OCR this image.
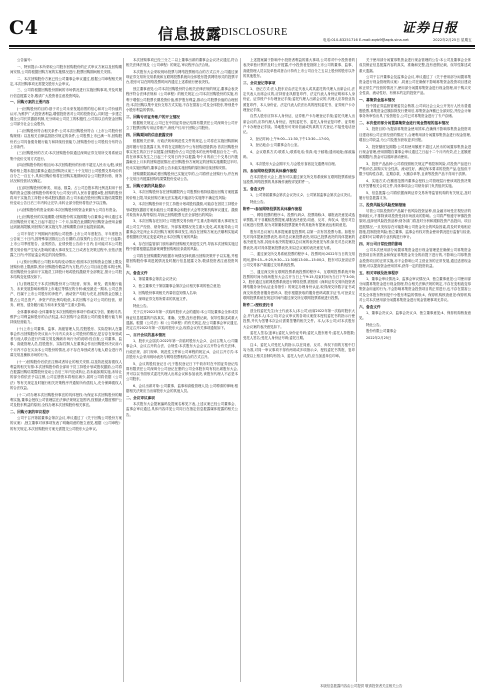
C4	信息披露
DISCLOSURE	证券日报
电话:010-83251716 E-mail:zqrb9@zqrb.sina.net	2022年2月25日 星期五

公告编号:

一、特别提示:本所采取公司股东回购股份的正式审议方案以及回购期间安排,公司将根据回购方案的实施情况进行,股票回购期间相关安排。

二、本次回购股份方案已经公司董事会审议通过,根据公司章程相关规定,本次回购事项无需提交股东大会审议。

三、公司将根据回购股份期间的市场情况进行实施回购事项,并及时履行信息披露义务,敬请广大投资者注意投资风险。

一、回购方案的主要内容

(一)回购股份的目的:基于对公司未来发展前景的信心和对公司价值的认可,为维护广大投资者利益,增强投资者对公司的投资信心,同时进一步建立健全公司长效激励机制,充分调动公司员工的积极性,公司拟以自有资金回购公司部分社会公众股份。

(二)回购股份符合相关条件:公司本次回购股份符合《上市公司股份回购规则》以及相关自律监管指引规定的条件,公司股票上市已满一年,回购股份后公司具备债务履行能力和持续经营能力,回购股份后公司股权分布符合上市条件。

(三)回购股份的方式:本次回购股份拟通过深圳证券交易所交易系统以集中竞价交易方式进行。

(四)回购股份的价格区间:本次回购股份的价格不超过人民币元/股,该回购价格上限未超过董事会通过回购决议前三十个交易日公司股票交易均价的百分之一百五十,具体回购价格将在回购实施期间结合公司股票价格、财务状况和经营状况确定。

(五)拟回购股份的种类、用途、数量、占公司总股本的比例及拟用于回购的资金总额:回购股份的种类为公司发行的人民币普通股A股,回购的股份将用于实施员工持股计划或股权激励,若公司未能在股份回购实施结果暨股份变动公告日后三年内转让完毕,未转让部分股份将依法予以注销。

(六)回购股份的资金来源:本次回购股份的资金来源为公司自有资金。

(七)回购股份的实施期限:回购股份的实施期限为自董事会审议通过本次回购股份方案之日起不超过十二个月,如果在此期限内回购资金使用金额达到最高限额,则回购方案实施完毕,回购期限自该日起提前届满。

公司不得在下列期间内回购公司股票:上市公司年度报告、半年度报告公告前三十日内,因特殊原因推迟公告日期的,自原预约公告日前三十日起算;上市公司季度报告、业绩预告、业绩快报公告前十日内;自可能对本公司股票交易价格产生较大影响的重大事项发生之日或者在决策过程中,至依法披露之日内;中国证监会规定的其他情形。

(八)预计回购后公司股本结构变动情况:按照本次回购资金总额上限及回购价格上限测算,预计回购股份数量约为万股,约占公司目前总股本的比例,若回购股份全部用于实施员工持股计划或股权激励并全部锁定,预计公司股本结构变化情况如下。

(九)管理层关于本次回购股份对公司经营、财务、研发、债务履行能力、未来发展影响和维持上市地位等情况的分析:截至最近一期末,公司总资产、归属于上市公司股东的净资产、流动资产均较为充足,回购资金总额上限占公司总资产、净资产的比例均较低,本次回购不会对公司的经营、财务、研发、债务履行能力和未来发展产生重大影响。

全体董事承诺:全体董事在本次回购股份事项中将诚实守信、勤勉尽责,维护公司利益和股东的合法权益,本次回购不会损害公司的债务履行能力和持续经营能力。

(十)上市公司董事、监事、高级管理人员,控股股东、实际控制人在董事会作出回购股份决议前六个月内买卖本公司股份的情况,是否存在单独或者与他人联合进行内幕交易及操纵市场行为的说明:经自查,公司董事、监事、高级管理人员,控股股东、实际控制人在董事会作出回购股份决议前六个月内不存在买卖本公司股份的情况,亦不存在单独或者与他人联合进行内幕交易及操纵市场的行为。

(十一)回购股份后依法注销或者转让的相关安排,以及防范侵害债权人利益的相关安排:本次回购股份将全部用于员工持股计划或股权激励,公司将在披露回购结果暨股份变动公告后三年内完成转让,若未能如期实施,未转让的部分将依法予以注销,公司注册资本将相应减少,届时公司将依据《公司法》等有关规定及时履行相关决策程序并通知所有债权人,充分保障债权人的合法权益。

(十二)对办理本次回购股份事宜的具体授权:为保证本次回购股份的顺利实施,董事会授权公司管理层在法律法规规定范围内,按照最大限度维护公司及股东利益的原则,全权办理本次回购股份相关事宜。

二、回购方案的审议程序

公司于召开第届董事会第次会议,审议通过了《关于回购公司股份方案的议案》,独立董事对该事项发表了明确同意的独立意见,根据《公司章程》的有关规定,本次回购股份方案无需提交公司股东大会审议。

本次回购事项已经三分之二以上董事出席的董事会会议决议通过,符合相关法律法规及《公司章程》的规定,审议程序合法合规。

本次股东大会采取现场投票与网络投票相结合的方式召开,公司通过深圳证券交易所交易系统和互联网投票系统向全体股东提供网络形式的投票平台,股东可以在网络投票时间内通过上述系统行使表决权。

独立董事意见:公司本次回购股份符合相关法律法规的规定,董事会表决程序符合法律法规和《公司章程》的相关规定;公司本次回购股份的实施,有利于增强公司股票长期投资价值,维护股东利益,推动公司股票价值的合理回归;本次回购以集中竞价交易方式实施,不存在损害公司及全体股东,特别是中小股东利益的情形。

三、回购专用证券账户的开立情况

根据相关规定,公司已在中国证券登记结算有限责任公司深圳分公司开立了股票回购专用证券账户,该账户仅用于回购公司股份。

四、回购期间的信息披露安排

根据相关法律、行政法规和规范性文件的规定,公司将在实施回购期间及时履行信息披露义务,并将在定期报告中公布回购进展情况:首次回购股份事实发生的次日予以披露;回购股份占公司总股本的比例每增加百分之一的,将在该事实发生之日起三个交易日内予以披露;每个月的前三个交易日内披露截至上月末的回购进展情况;在回购股份方案规定的回购实施期限过半时,仍未实施回购的,董事会将公告未能实施回购的原因和后续回购安排。

回购期限届满或者回购股份已实施完毕的,公司将停止回购行为,并在两个交易日内披露回购结果暨股份变动公告。

五、回购方案的风险提示

1、本次回购股份存在回购期限内公司股票价格持续超出回购方案披露的价格上限,导致回购方案无法实施或只能部分实施等不确定性风险;

2、本次回购股份用于员工持股计划或股权激励,可能存在因员工持股计划或股权激励方案未能经公司董事会和股东大会等决策机构审议通过、激励对象放弃认购等原因,导致已回购股票无法全部授出的风险;

3、本次回购存在因对公司股票交易价格产生重大影响的重大事项发生或公司生产经营、财务情况、外部客观情况发生重大变化,或其他导致公司董事会决定终止本次回购方案的事项发生,则存在回购方案无法顺利实施或者根据相关规定变更或终止本次回购方案的风险;

4、存在因监管部门颁布新的回购相关规范性文件,导致本次回购实施过程中需要根据监管新规调整回购相应条款的风险。

公司将在回购期限内根据市场情况择机做出回购决策并予以实施,并根据回购股份事项进展情况及时履行信息披露义务,敬请投资者注意投资风险。

六、备查文件

1、第届董事会第次会议决议;

2、独立董事关于第届董事会第次会议相关事项的独立意见;

3、回购股份事项相关内幕信息知情人名单;

4、深圳证券交易所要求的其他文件。

特此公告。

关于召开2022年第一次临时股东大会的通知:本公司及董事会全体成员保证信息披露的内容真实、准确、完整,没有虚假记载、误导性陈述或重大遗漏。根据《公司法》和《公司章程》的有关规定,经公司董事会审议通过,决定召开2022年第一次临时股东大会,现将会议有关事项通知如下。

一、召开会议的基本情况

1、股东大会届次:2022年第一次临时股东大会;2、会议召集人:公司董事会;3、会议召开的合法、合规性:本次股东大会会议召开符合有关法律、行政法规、部门规章、规范性文件和公司章程的规定;4、会议召开方式:本次股东大会采用现场表决与网络投票相结合的方式召开。

5、会议的股权登记日:凡于股权登记日下午收市时在中国证券登记结算有限责任公司深圳分公司登记在册的公司全体股东均有权出席股东大会,并可以以书面形式委托代理人出席会议和参加表决,该股东代理人不必是本公司股东。

6、会议出席对象:公司董事、监事和高级管理人员;公司聘请的律师;根据相关法规应当出席股东大会的其他人员。

二、会议审议事项

本次股东大会提案编码及提案名称见下表,上述议案已经公司董事会、监事会审议通过,具体内容详见公司同日在指定信息披露媒体披露的相关公告。

上述提案属于影响中小投资者利益的重大事项,公司将对中小投资者的表决单独计票并及时公开披露,中小投资者是指除上市公司的董事、监事、高级管理人员以及单独或者合计持有上市公司百分之五以上股份的股东以外的其他股东。

三、会议登记等事项

1、登记方式:法人股东应由法定代表人或其委托的代理人出席会议,法定代表人出席会议的,应持营业执照复印件、法定代表人身份证明和本人身份证、证券账户卡办理登记手续;委托代理人出席会议的,代理人应持营业执照复印件、本人身份证、法定代表人依法出具的授权委托书、证券账户卡办理登记手续。

自然人股东应持本人身份证、证券账户卡办理登记手续;委托代理人出席会议的,应持代理人身份证、授权委托书、委托人身份证复印件、证券账户卡办理登记手续。异地股东可采用信函或传真的方式登记,不接受电话登记。

2、登记时间:上午9:00—11:30,下午13:30—17:00。

3、登记地点:公司董事会办公室。

4、会议联系方式:联系人;联系电话;传真;电子邮箱;通讯地址;邮政编码。

5、本次股东大会会期半天,与会股东食宿及交通费用自理。

四、参加网络投票的具体操作流程

在本次股东大会上,股东可以通过深交所交易系统和互联网投票系统参加投票,网络投票的具体操作流程详见附件一。

五、备查文件

1、公司第届董事会第次会议决议;2、公司第届监事会第次会议决议。

特此公告。

附件一:参加网络投票的具体操作流程

一、网络投票的程序:1、投票代码;2、投票简称;3、填报表决意见或选举票数,对于非累积投票提案,填报表决意见:同意、反对、弃权;4、股东对总议案进行投票,视为对除累积投票提案外的其他所有提案表达相同意见。

股东对总议案与具体提案重复投票时,以第一次有效投票为准。如股东先对具体提案投票表决,再对总议案投票表决,则以已投票表决的具体提案的表决意见为准,其他未表决的提案以总议案的表决意见为准;如先对总议案投票表决,再对具体提案投票表决,则以总议案的表决意见为准。

二、通过深交所交易系统投票的程序:1、投票时间:2022年当日的交易时间,即9:15—9:25,9:30—11:30和13:00—15:00;2、股东可以登录证券公司交易客户端通过交易系统投票。

三、通过深交所互联网投票系统投票的程序:1、互联网投票系统开始投票的时间为现场股东大会召开当日上午9:15,结束时间为当日下午3:00;2、股东通过互联网投票系统进行网络投票,需按照《深圳证券交易所投资者网络服务身份认证业务指引》的规定办理身份认证,取得深交所数字证书或深交所投资者服务密码;3、股东根据获取的服务密码或数字证书,可登录互联网投票系统在规定时间内通过深交所互联网投票系统进行投票。

附件二:授权委托书

兹全权委托先生/女士代表本人(本公司)出席2022年第一次临时股东大会,并代表本人(本公司)对会议审议的各项议案按本授权委托书的指示行使投票,并代为签署本次会议需要签署的相关文件。本人(本公司)对本次股东大会议案的表决意见如下。

委托人签名(盖章);委托人身份证号码;委托人股东账号;委托人持股数;受托人签名;受托人身份证号码;委托日期。

注:1、委托人对受托人的指示,以在同意、反对、弃权下面的方框中打勾为准,对同一审议事项不得有两项或多项指示;2、授权委托书剪报、复印或按以上格式自制均有效;3、委托人为法人的,应当加盖单位印章。

关于使用部分闲置募集资金进行现金管理的公告:本公司及董事会全体成员保证信息披露内容的真实、准确和完整,没有虚假记载、误导性陈述或重大遗漏。

公司于召开董事会及监事会会议,审议通过了《关于使用部分闲置募集资金进行现金管理的议案》,同意公司在确保不影响募集资金投资项目建设和正常生产经营的情况下,使用部分闲置募集资金进行现金管理,用于购买安全性高、流动性好、有保本约定的投资产品。

一、募集资金基本情况

经中国证券监督管理委员会核准,公司向社会公众公开发行人民币普通股股票,募集资金总额扣除发行费用后,募集资金净额已全部到位,并经会计师事务所审验出具了验资报告,公司已对募集资金进行了专户存储。

二、本次使用部分闲置募集资金进行现金管理的基本情况

1、投资目的:为提高募集资金使用效率,在确保不影响募集资金投资项目建设和公司正常经营的情况下,合理利用部分闲置募集资金进行现金管理,增加公司收益,为公司及股东获取更多回报。

2、投资额度及期限:公司拟使用额度不超过人民币的闲置募集资金进行现金管理,使用期限自董事会审议通过之日起十二个月内有效,在上述额度和期限内,资金可以循环滚动使用。

3、投资产品品种:公司将按照相关规定严格控制风险,对投资产品进行严格评估,拟购买安全性高、流动性好、满足保本要求的投资产品,包括但不限于结构性存款、定期存款、大额存单等,且该等投资产品不得用于质押。

4、实施方式:在额度范围内董事会授权公司管理层行使该项投资决策权并签署相关合同文件,具体事项由公司财务部门负责组织实施。

5、信息披露:公司将依据深圳证券交易所等监管机构的有关规定,及时履行信息披露义务。

三、投资风险及风险控制措施

尽管公司拟投资的产品属于低风险投资品种,但金融市场受宏观经济的影响较大,不排除该项投资受到市场波动的影响。公司将严格遵守审慎投资原则,选择低风险投资品种;财务部门将及时分析和跟踪投资产品投向、项目进展情况,一旦发现存在可能影响公司资金安全的风险因素,将及时采取相应措施,控制投资风险;独立董事、监事会有权对资金使用情况进行监督与检查,必要时可以聘请专业机构进行审计。

四、对公司日常经营的影响

公司本次使用部分闲置募集资金进行现金管理是在确保公司募集资金投资项目所需资金和保证募集资金安全的前提下进行的,不影响公司募集资金投资项目的正常实施,亦不会影响公司主营业务的正常发展,通过适度现金管理,可以提高资金使用效率,获得一定的投资收益。

五、相关审核及批准程序

1、董事会审议情况;2、监事会审议情况;3、独立董事意见:公司使用部分闲置募集资金进行现金管理,符合相关法律法规的规定,不存在变相改变募集资金用途的行为,不会影响募集资金投资项目的正常进行,也不存在损害公司及全体股东特别是中小股东利益的情形;4、保荐机构核查意见:保荐机构对公司本次使用部分闲置募集资金进行现金管理事项无异议。

六、备查文件

1、董事会决议;2、监事会决议;3、独立董事意见;4、保荐机构核查意见。

特此公告。

股份有限公司董事会

2022年2月25日

本版信息披露内容由公司提供 敬请投资者关注相关公告
